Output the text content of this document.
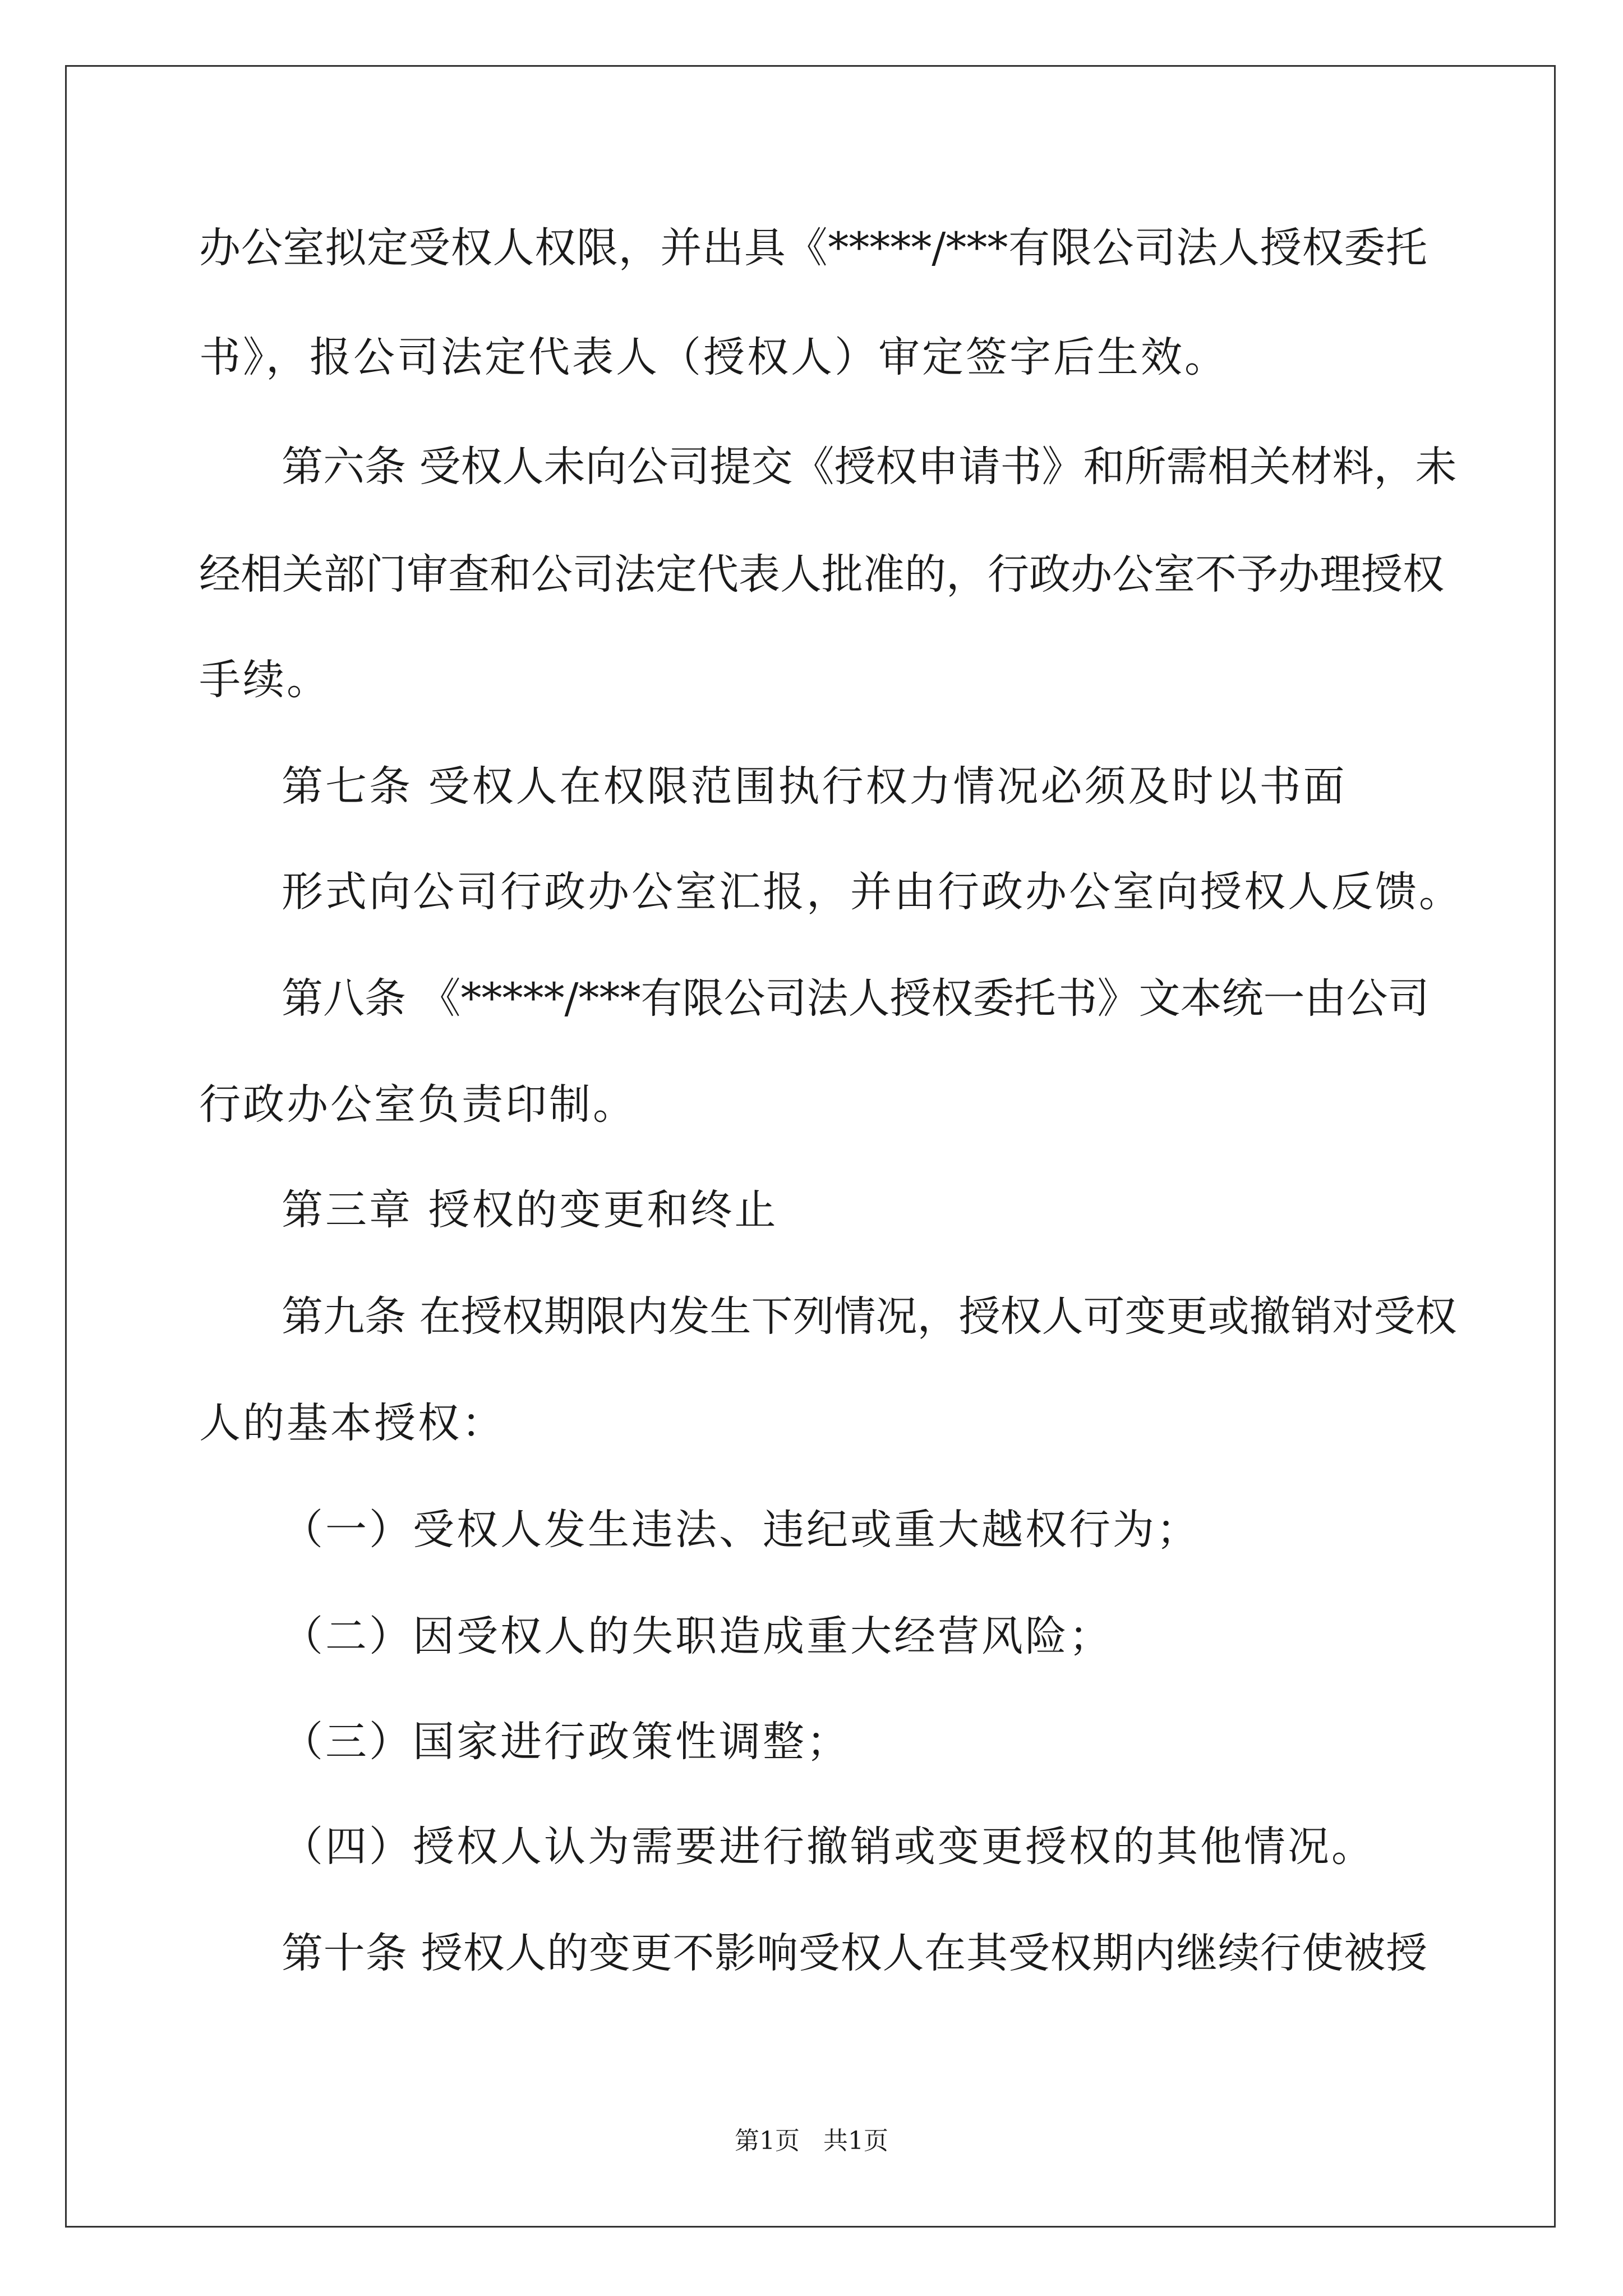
办公室拟定受权人权限，并出具《*****/***有限公司法人授权委托
书》，报公司法定代表人（授权人）审定签字后生效。
第六条 受权人未向公司提交《授权申请书》和所需相关材料，未
经相关部门审查和公司法定代表人批准的，行政办公室不予办理授权
手续。
第七条 受权人在权限范围执行权力情况必须及时以书面
形式向公司行政办公室汇报，并由行政办公室向授权人反馈。
第八条 《*****/***有限公司法人授权委托书》文本统一由公司
行政办公室负责印制。
第三章 授权的变更和终止
第九条 在授权期限内发生下列情况，授权人可变更或撤销对受权
人的基本授权：
（一）受权人发生违法、违纪或重大越权行为；
（二）因受权人的失职造成重大经营风险；
（三）国家进行政策性调整；
（四）授权人认为需要进行撤销或变更授权的其他情况。
第十条 授权人的变更不影响受权人在其受权期内继续行使被授
第1页   共1页
